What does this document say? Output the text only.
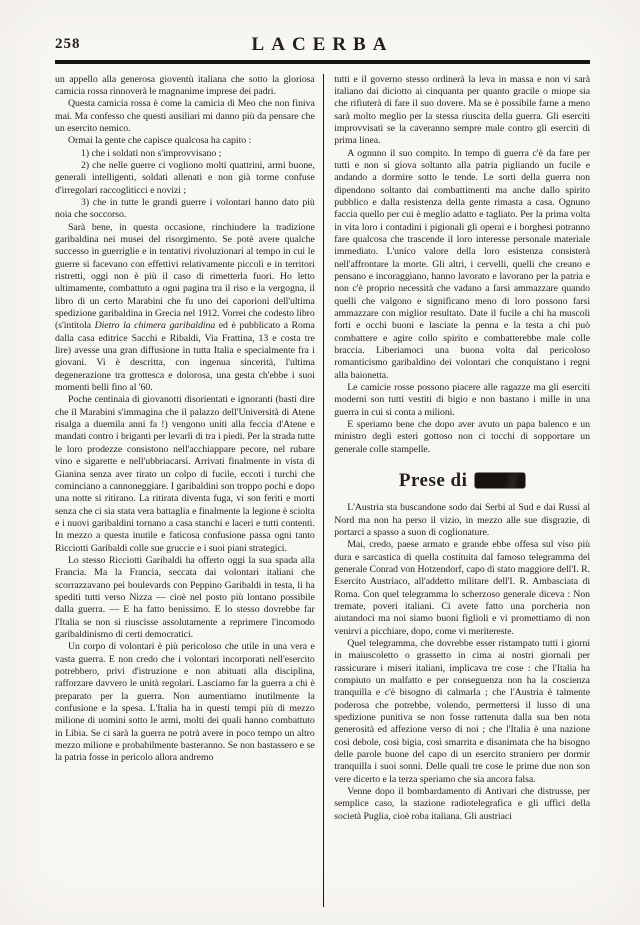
258	LACERBA

un appello alla generosa gioventù italiana che sotto la gloriosa camicia rossa rinnoverà le magnanime imprese dei padri.

Questa camicia rossa è come la camicia di Meo che non finiva mai. Ma confesso che questi ausiliari mi danno più da pensare che un esercito nemico.

Ormai la gente che capisce qualcosa ha capito :

1) che i soldati non s'improvvisano ;

2) che nelle guerre ci vogliono molti quattrini, armi buone, generali intelligenti, soldati allenati e non già torme confuse d'irregolari raccogliticci e novizi ;

3) che in tutte le grandi guerre i volontari hanno dato più noia che soccorso.

Sarà bene, in questa occasione, rinchiudere la tradizione garibaldina nei musei del risorgimento. Se potè avere qualche successo in guerriglie e in tentativi rivoluzionari al tempo in cui le guerre si facevano con effettivi relativamente piccoli e in territori ristretti, oggi non è più il caso di rimetterla fuori. Ho letto ultimamente, combattuto a ogni pagina tra il riso e la vergogna, il libro di un certo Marabini che fu uno dei caporioni dell'ultima spedizione garibaldina in Grecia nel 1912. Vorrei che codesto libro (s'intitola Dietro la chimera garibaldina ed è pubblicato a Roma dalla casa editrice Sacchi e Ribaldi, Via Frattina, 13 e costa tre lire) avesse una gran diffusione in tutta Italia e specialmente fra i giovani. Vi è descritta, con ingenua sincerità, l'ultima degenerazione tra grottesca e dolorosa, una gesta ch'ebbe i suoi momenti belli fino al '60.

Poche centinaia di giovanotti disorientati e ignoranti (basti dire che il Marabini s'immagina che il palazzo dell'Università di Atene risalga a duemila anni fa !) vengono uniti alla feccia d'Atene e mandati contro i briganti per levarli di tra i piedi. Per la strada tutte le loro prodezze consistono nell'acchiappare pecore, nel rubare vino e sigarette e nell'ubbriacarsi. Arrivati finalmente in vista di Gianina senza aver tirato un colpo di fucile, eccoti i turchi che cominciano a cannoneggiare. I garibaldini son troppo pochi e dopo una notte si ritirano. La ritirata diventa fuga, vi son feriti e morti senza che ci sia stata vera battaglia e finalmente la legione è sciolta e i nuovi garibaldini tornano a casa stanchi e laceri e tutti contenti. In mezzo a questa inutile e faticosa confusione passa ogni tanto Ricciotti Garibaldi colle sue gruccie e i suoi piani strategici.

Lo stesso Ricciotti Garibaldi ha offerto oggi la sua spada alla Francia. Ma la Francia, seccata dai volontari italiani che scorrazzavano pei boulevards con Peppino Garibaldi in testa, li ha spediti tutti verso Nizza — cioè nel posto più lontano possibile dalla guerra. — E ha fatto benissimo. E lo stesso dovrebbe far l'Italia se non si riuscisse assolutamente a reprimere l'incomodo garibaldinismo di certi democratici.

Un corpo di volontari è più pericoloso che utile in una vera e vasta guerra. E non credo che i volontari incorporati nell'esercito potrebbero, privi d'istruzione e non abituati alla disciplina, rafforzare davvero le unità regolari. Lasciamo far la guerra a chi è preparato per la guerra. Non aumentiamo inutilmente la confusione e la spesa. L'Italia ha in questi tempi più di mezzo milione di uomini sotto le armi, molti dei quali hanno combattuto in Libia. Se ci sarà la guerra ne potrà avere in poco tempo un altro mezzo milione e probabilmente basteranno. Se non bastassero e se la patria fosse in pericolo allora andremo

tutti e il governo stesso ordinerà la leva in massa e non vi sarà italiano dai diciotto ai cinquanta per quanto gracile o miope sia che rifiuterà di fare il suo dovere. Ma se è possibile farne a meno sarà molto meglio per la stessa riuscita della guerra. Gli eserciti improvvisati se la caveranno sempre male contro gli eserciti di prima linea.

A ognuno il suo compito. In tempo di guerra c'è da fare per tutti e non si giova soltanto alla patria pigliando un fucile e andando a dormire sotto le tende. Le sorti della guerra non dipendono soltanto dai combattimenti ma anche dallo spirito pubblico e dalla resistenza della gente rimasta a casa. Ognuno faccia quello per cui è meglio adatto e tagliato. Per la prima volta in vita loro i contadini i pigionali gli operai e i borghesi potranno fare qualcosa che trascende il loro interesse personale materiale immediato. L'unico valore della loro esistenza consisterà nell'affrontare la morte. Gli altri, i cervelli, quelli che creano e pensano e incoraggiano, hanno lavorato e lavorano per la patria e non c'è proprio necessità che vadano a farsi ammazzare quando quelli che valgono e significano meno di loro possono farsi ammazzare con miglior resultato. Date il fucile a chi ha muscoli forti e occhi buoni e lasciate la penna e la testa a chi può combattere e agire collo spirito e combatterebbe male colle braccia. Liberiamoci una buona volta dal pericoloso romanticismo garibaldino dei volontari che conquistano i regni alla baionetta.

Le camicie rosse possono piacere alle ragazze ma gli eserciti moderni son tutti vestiti di bigio e non bastano i mille in una guerra in cui si conta a milioni.

E speriamo bene che dopo aver avuto un papa balenco e un ministro degli esteri gottoso non ci tocchi di sopportare un generale colle stampelle.

Prese di

L'Austria sta buscandone sodo dai Serbi al Sud e dai Russi al Nord ma non ha perso il vizio, in mezzo alle sue disgrazie, di portarci a spasso a suon di coglionature.

Mai, credo, paese armato e grande ebbe offesa sul viso più dura e sarcastica di quella costituita dal famoso telegramma del generale Conrad von Hotzendorf, capo di stato maggiore dell'I. R. Esercito Austriaco, all'addetto militare dell'I. R. Ambasciata di Roma. Con quel telegramma lo scherzoso generale diceva : Non tremate, poveri italiani. Ci avete fatto una porcheria non aiutandoci ma noi siamo buoni figlioli e vi promettiamo di non venirvi a picchiare, dopo, come vi meritereste.

Quel telegramma, che dovrebbe esser ristampato tutti i giorni in maiuscoletto o grassetto in cima ai nostri giornali per rassicurare i miseri italiani, implicava tre cose : che l'Italia ha compiuto un malfatto e per conseguenza non ha la coscienza tranquilla e c'è bisogno di calmarla ; che l'Austria è talmente poderosa che potrebbe, volendo, permettersi il lusso di una spedizione punitiva se non fosse rattenuta dalla sua ben nota generosità ed affezione verso di noi ; che l'Italia è una nazione così debole, così bigia, così smarrita e disanimata che ha bisogno delle parole buone del capo di un esercito straniero per dormir tranquilla i suoi sonni. Delle quali tre cose le prime due non son vere dicerto e la terza speriamo che sia ancora falsa.

Venne dopo il bombardamento di Antivari che distrusse, per semplice caso, la stazione radiotelegrafica e gli uffici della società Puglia, cioè roba italiana. Gli austriaci
